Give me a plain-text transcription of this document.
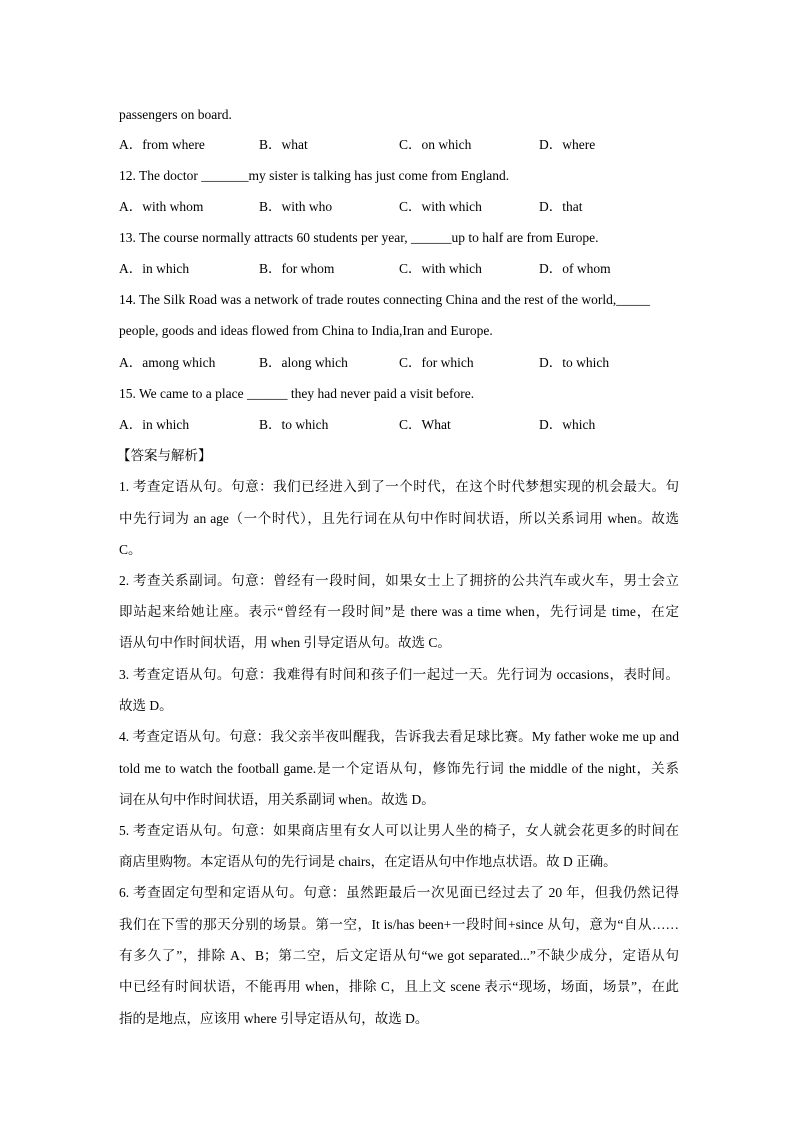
passengers on board.
A．from where	B．what	C．on which	D．where
12. The doctor _______my sister is talking has just come from England.
A．with whom	B．with who	C．with which	D．that
13. The course normally attracts 60 students per year, ______up to half are from Europe.
A．in which	B．for whom	C．with which	D．of whom
14. The Silk Road was a network of trade routes connecting China and the rest of the world,_____
people, goods and ideas flowed from China to India,Iran and Europe.
A．among which	B．along which	C．for which	D．to which
15. We came to a place ______ they had never paid a visit before.
A．in which	B．to which	C．What	D．which
【答案与解析】
1. 考查定语从句。句意：我们已经进入到了一个时代，在这个时代梦想实现的机会最大。句
中先行词为 an age（一个时代），且先行词在从句中作时间状语，所以关系词用 when。故选
C。
2. 考查关系副词。句意：曾经有一段时间，如果女士上了拥挤的公共汽车或火车，男士会立
即站起来给她让座。表示“曾经有一段时间”是 there was a time when，先行词是 time，在定
语从句中作时间状语，用 when 引导定语从句。故选 C。
3. 考查定语从句。句意：我难得有时间和孩子们一起过一天。先行词为 occasions，表时间。
故选 D。
4. 考查定语从句。句意：我父亲半夜叫醒我，告诉我去看足球比赛。My father woke me up and
told me to watch the football game.是一个定语从句，修饰先行词 the middle of the night，关系
词在从句中作时间状语，用关系副词 when。故选 D。
5. 考查定语从句。句意：如果商店里有女人可以让男人坐的椅子，女人就会花更多的时间在
商店里购物。本定语从句的先行词是 chairs，在定语从句中作地点状语。故 D 正确。
6. 考查固定句型和定语从句。句意：虽然距最后一次见面已经过去了 20 年，但我仍然记得
我们在下雪的那天分别的场景。第一空，It is/has been+一段时间+since 从句，意为“自从……
有多久了”，排除 A、B；第二空，后文定语从句“we got separated...”不缺少成分，定语从句
中已经有时间状语，不能再用 when，排除 C，且上文 scene 表示“现场，场面，场景”，在此
指的是地点，应该用 where 引导定语从句，故选 D。
